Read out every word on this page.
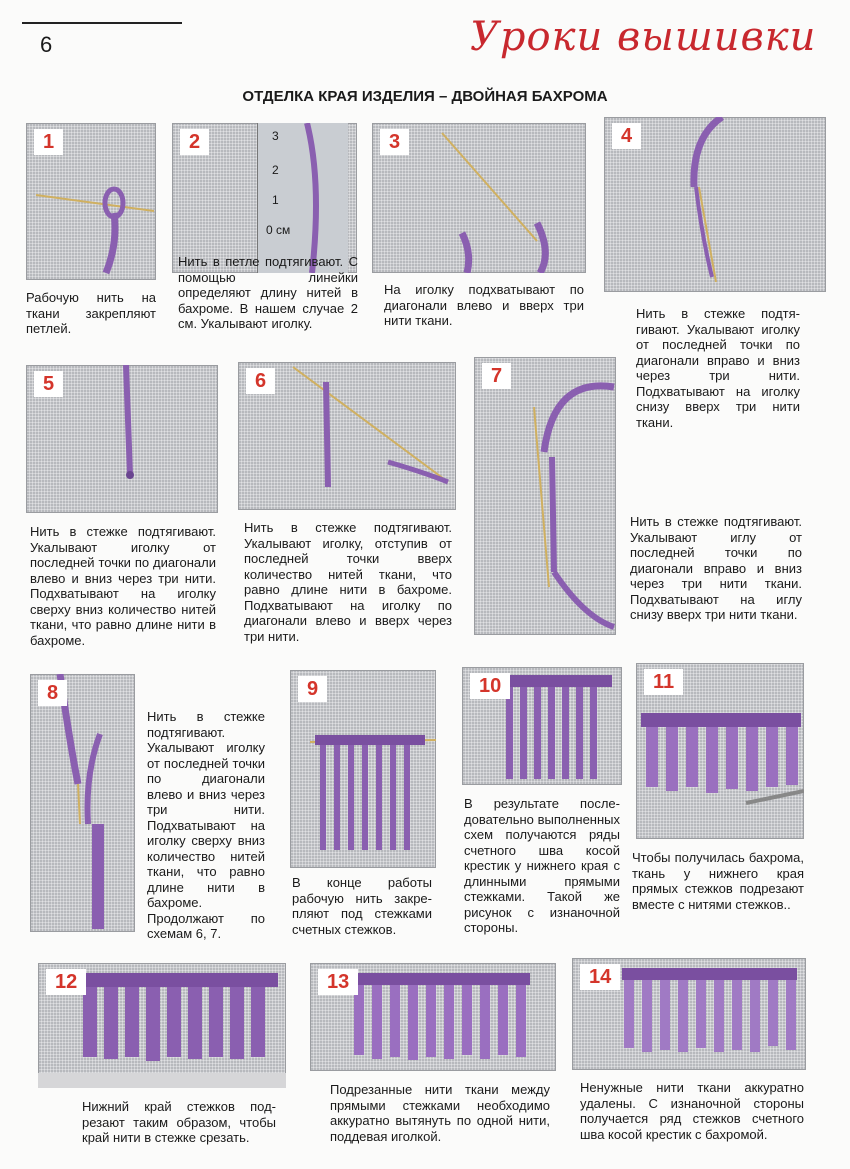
6	Уроки вышивки
ОТДЕЛКА КРАЯ ИЗДЕЛИЯ – ДВОЙНАЯ БАХРОМА
1
Рабочую нить на ткани закрепляют петлей.
3
2
1
0 см
2
Нить в петле подтягивают. С помощью линейки определяют длину нитей в бахроме. В нашем случае 2 см. Укалывают иголку.
3
На иголку подхватывают по диагонали влево и вверх три нити ткани.
4
Нить в стежке подтягивают. Укалывают иголку от последней точки по диагонали вправо и вниз через три нити. Подхватывают на иголку снизу вверх три нити ткани.
5
Нить в стежке подтягивают. Укалывают иголку от последней точки по диагонали влево и вниз через три нити. Подхватывают на иголку сверху вниз количество нитей ткани, что равно длине нити в бахроме.
6
Нить в стежке подтягивают. Укалывают иголку, отступив от последней точки вверх количество нитей ткани, что равно длине нити в бахроме. Подхватывают на иголку по диагонали влево и вверх через три нити.
7
Нить в стежке подтягивают. Укалывают иглу от последней точки по диагонали вправо и вниз через три нити ткани. Подхватывают на иглу снизу вверх три нити ткани.
8
Нить в стежке подтягивают. Укалывают иголку от последней точки по диагонали влево и вниз через три нити. Подхватывают на иголку сверху вниз количество нитей ткани, что равно длине нити в бахроме. Продолжают по схемам 6, 7.
9
В конце работы рабочую нить закрепляют под стежками счетных стежков.
10
В результате последовательно выполненных схем получаются ряды счетного шва косой крестик у нижнего края с длинными прямыми стежками. Такой же рисунок с изнаночной стороны.
11
Чтобы получилась бахрома, ткань у нижнего края прямых стежков подрезают вместе с нитями стежков..
12
Нижний край стежков подрезают таким образом, чтобы край нити в стежке срезать.
13
Подрезанные нити ткани между прямыми стежками необходимо аккуратно вытянуть по одной нити, поддевая иголкой.
14
Ненужные нити ткани аккуратно удалены. С изнаночной стороны получается ряд стежков счетного шва косой крестик с бахромой.
